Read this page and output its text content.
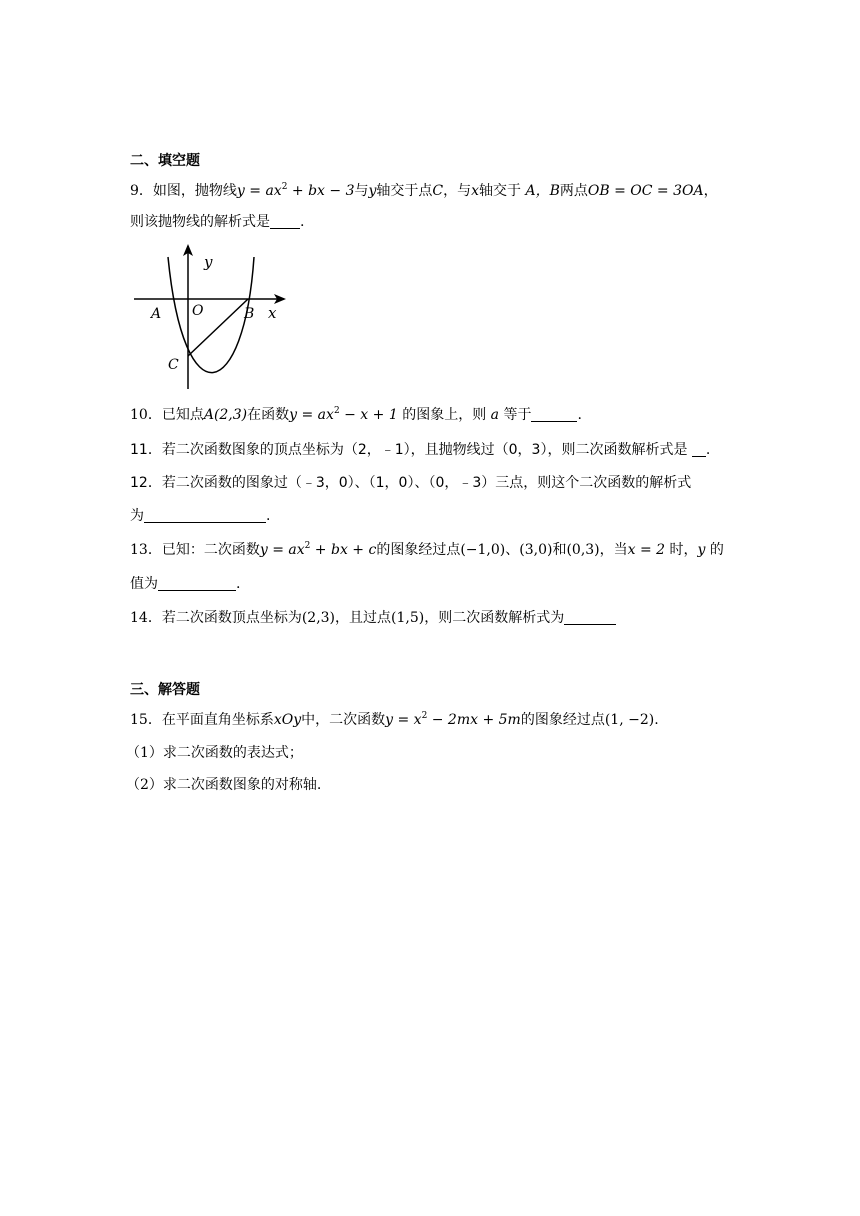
二、填空题
9．如图，抛物线$y = ax^2$ + bx − 3与y轴交于点C，与x轴交于 A，B两点OB = OC = 3OA，
则该抛物线的解析式是 .
y
x
O
A	B
C
10．已知点A(2,3)在函数$y = ax^2 - x + 1$ 的图象上，则 a 等于	.
11．若二次函数图象的顶点坐标为（2，﹣1），且抛物线过（0，3），则二次函数解析式是 .
12．若二次函数的图象过（﹣3，0）、（1，0）、（0，﹣3）三点，则这个二次函数的解析式
为	.
13．已知：二次函数$y = ax^2$ + bx + c的图象经过点(−1,0)、(3,0)和(0,3)，当x = 2 时，y 的
值为	.
14．若二次函数顶点坐标为(2,3)，且过点(1,5)，则二次函数解析式为
三、解答题
15．在平面直角坐标系xOy中，二次函数$y = x^2 - 2mx + 5m$的图象经过点(1, −2).
（1）求二次函数的表达式；
（2）求二次函数图象的对称轴.
